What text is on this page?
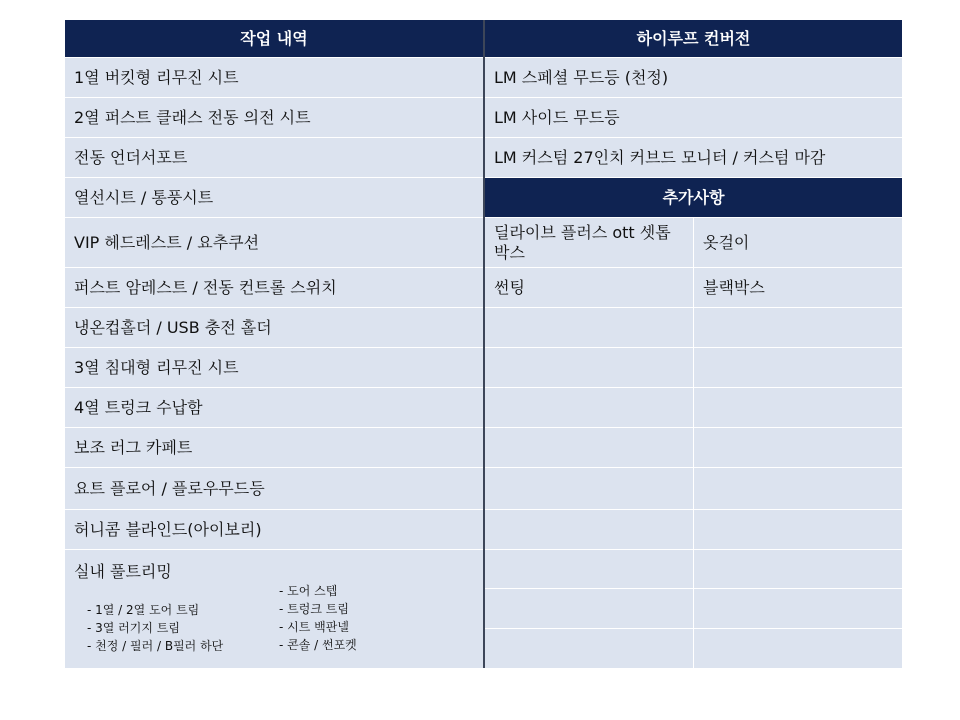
작업 내역
1열 버킷형 리무진 시트
2열 퍼스트 클래스 전동 의전 시트
전동 언더서포트
열선시트 / 통풍시트
VIP 헤드레스트 / 요추쿠션
퍼스트 암레스트 / 전동 컨트롤 스위치
냉온컵홀더 / USB 충전 홀더
3열 침대형 리무진 시트
4열 트렁크 수납함
보조 러그 카페트
요트 플로어 / 플로우무드등
허니콤 블라인드(아이보리)
실내 풀트리밍
- 1열 / 2열 도어 트림
- 3열 러기지 트림
- 천정 / 필러 / B필러 하단
- 도어 스텝
- 트렁크 트림
- 시트 백판넬
- 콘솔 / 썬포켓
하이루프 컨버전
LM 스페셜 무드등 (천정)
LM 사이드 무드등
LM 커스텀 27인치 커브드 모니터 / 커스텀 마감
추가사항
딜라이브 플러스 ott 셋톱 박스
옷걸이
썬팅	블랙박스
